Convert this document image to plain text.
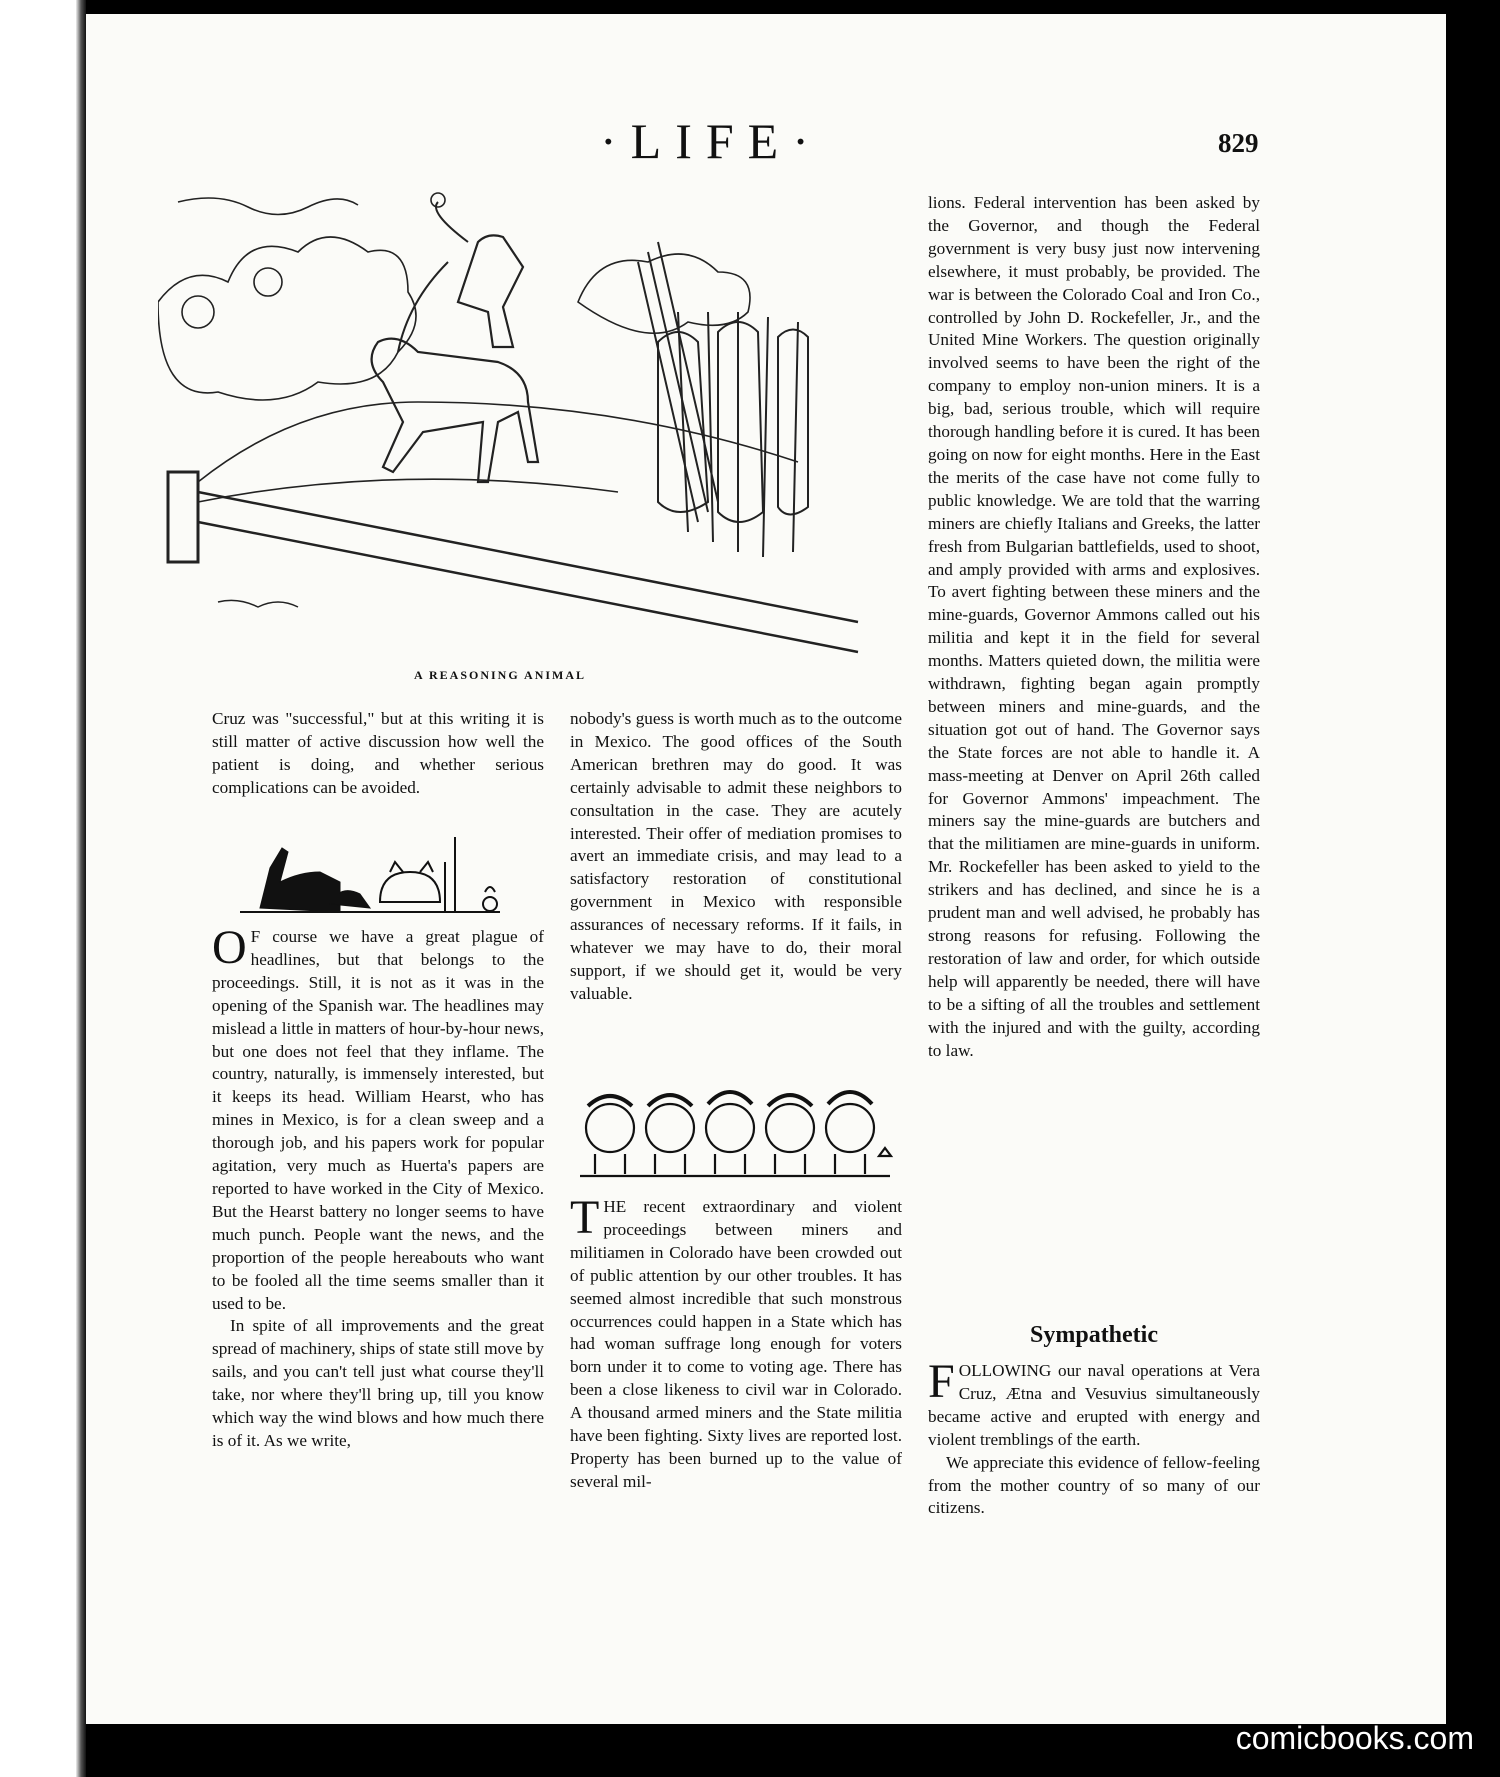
·LIFE·	829
A REASONING ANIMAL

Cruz was "successful," but at this writing it is still matter of active discussion how well the patient is doing, and whether serious complications can be avoided.

O F course we have a great plague of headlines, but that belongs to the proceedings. Still, it is not as it was in the opening of the Spanish war. The headlines may mislead a little in matters of hour-by-hour news, but one does not feel that they inflame. The country, naturally, is immensely interested, but it keeps its head. William Hearst, who has mines in Mexico, is for a clean sweep and a thorough job, and his papers work for popular agitation, very much as Huerta's papers are reported to have worked in the City of Mexico. But the Hearst battery no longer seems to have much punch. People want the news, and the proportion of the people hereabouts who want to be fooled all the time seems smaller than it used to be.

In spite of all improvements and the great spread of machinery, ships of state still move by sails, and you can't tell just what course they'll take, nor where they'll bring up, till you know which way the wind blows and how much there is of it. As we write,

nobody's guess is worth much as to the outcome in Mexico. The good offices of the South American brethren may do good. It was certainly advisable to admit these neighbors to consultation in the case. They are acutely interested. Their offer of mediation promises to avert an immediate crisis, and may lead to a satisfactory restoration of constitutional government in Mexico with responsible assurances of necessary reforms. If it fails, in whatever we may have to do, their moral support, if we should get it, would be very valuable.

THE recent extraordinary and violent proceedings between miners and militiamen in Colorado have been crowded out of public attention by our other troubles. It has seemed almost incredible that such monstrous occurrences could happen in a State which has had woman suffrage long enough for voters born under it to come to voting age. There has been a close likeness to civil war in Colorado. A thousand armed miners and the State militia have been fighting. Sixty lives are reported lost. Property has been burned up to the value of several mil-

lions. Federal intervention has been asked by the Governor, and though the Federal government is very busy just now intervening elsewhere, it must probably, be provided. The war is between the Colorado Coal and Iron Co., controlled by John D. Rockefeller, Jr., and the United Mine Workers. The question originally involved seems to have been the right of the company to employ non-union miners. It is a big, bad, serious trouble, which will require thorough handling before it is cured. It has been going on now for eight months. Here in the East the merits of the case have not come fully to public knowledge. We are told that the warring miners are chiefly Italians and Greeks, the latter fresh from Bulgarian battlefields, used to shoot, and amply provided with arms and explosives. To avert fighting between these miners and the mine-guards, Governor Ammons called out his militia and kept it in the field for several months. Matters quieted down, the militia were withdrawn, fighting began again promptly between miners and mine-guards, and the situation got out of hand. The Governor says the State forces are not able to handle it. A mass-meeting at Denver on April 26th called for Governor Ammons' impeachment. The miners say the mine-guards are butchers and that the militiamen are mine-guards in uniform. Mr. Rockefeller has been asked to yield to the strikers and has declined, and since he is a prudent man and well advised, he probably has strong reasons for refusing. Following the restoration of law and order, for which outside help will apparently be needed, there will have to be a sifting of all the troubles and settlement with the injured and with the guilty, according to law.

Sympathetic

FOLLOWING our naval operations at Vera Cruz, Ætna and Vesuvius simultaneously became active and erupted with energy and violent tremblings of the earth.

We appreciate this evidence of fellow-feeling from the mother country of so many of our citizens.

comicbooks.com
